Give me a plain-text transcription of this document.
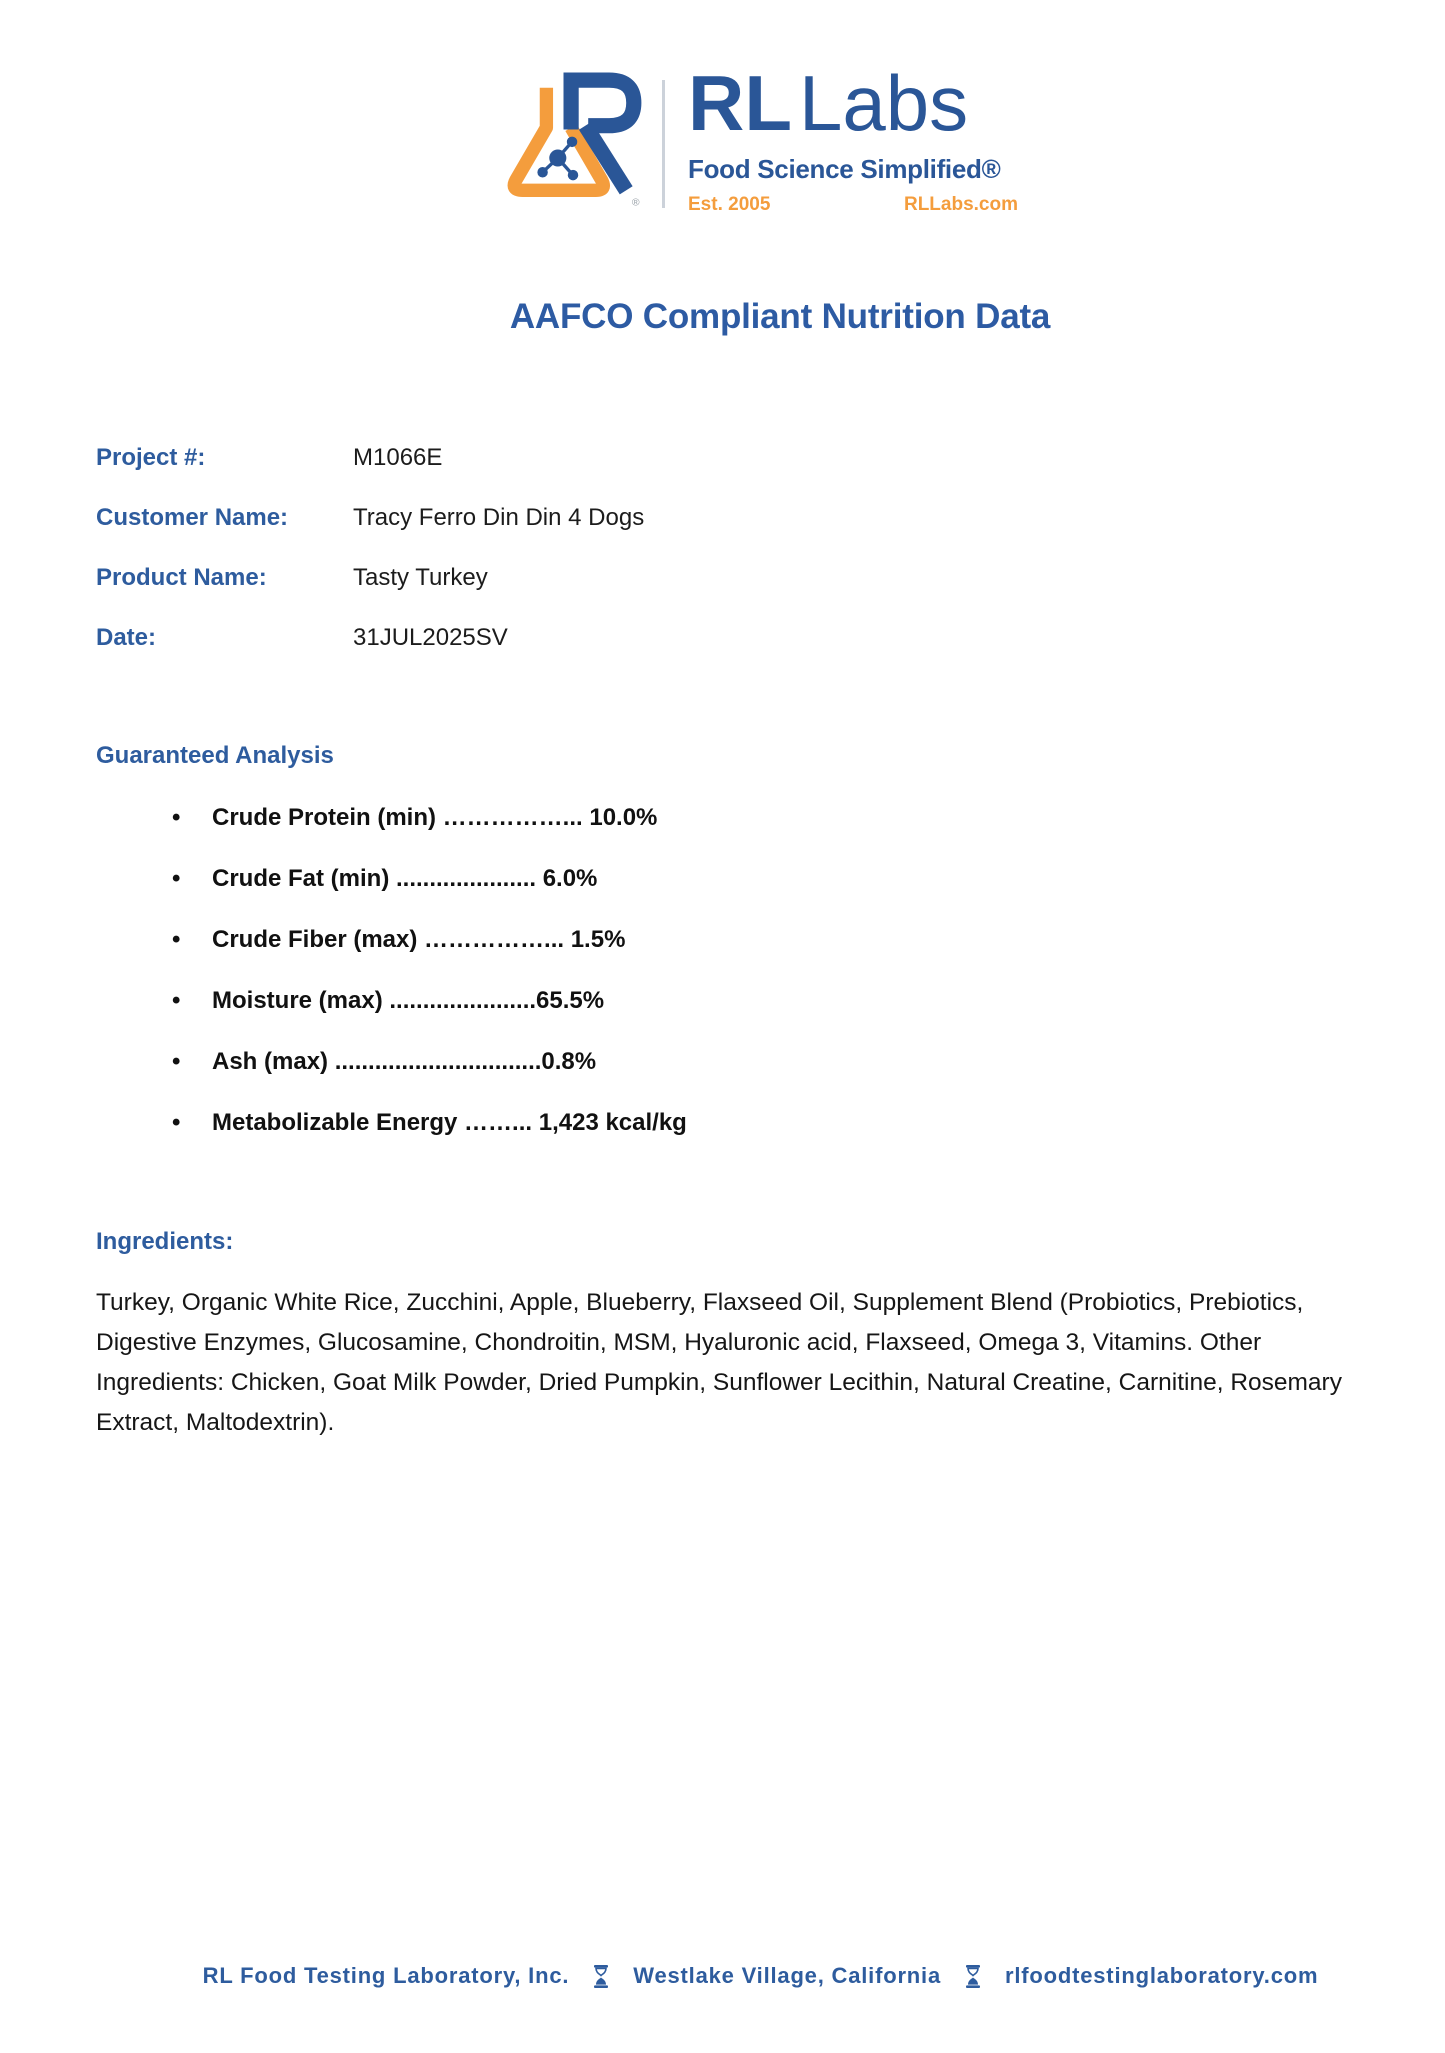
®
RLLabs
Food Science Simplified®
Est. 2005	RLLabs.com
AAFCO Compliant Nutrition Data
Project #:	M1066E
Customer Name:	Tracy Ferro Din Din 4 Dogs
Product Name:	Tasty Turkey
Date:	31JUL2025SV
Guaranteed Analysis
•	Crude Protein (min) ……………... 10.0%
•	Crude Fat (min) ..................... 6.0%
•	Crude Fiber (max) ……………... 1.5%
•	Moisture (max) ......................65.5%
•	Ash (max) ...............................0.8%
•	Metabolizable Energy ……... 1,423 kcal/kg
Ingredients:
Turkey, Organic White Rice, Zucchini, Apple, Blueberry, Flaxseed Oil, Supplement Blend (Probiotics, Prebiotics, Digestive Enzymes, Glucosamine, Chondroitin, MSM, Hyaluronic acid, Flaxseed, Omega 3, Vitamins. Other Ingredients: Chicken, Goat Milk Powder, Dried Pumpkin, Sunflower Lecithin, Natural Creatine, Carnitine, Rosemary Extract, Maltodextrin).
RL Food Testing Laboratory, Inc.	Westlake Village, California	rlfoodtestinglaboratory.com
